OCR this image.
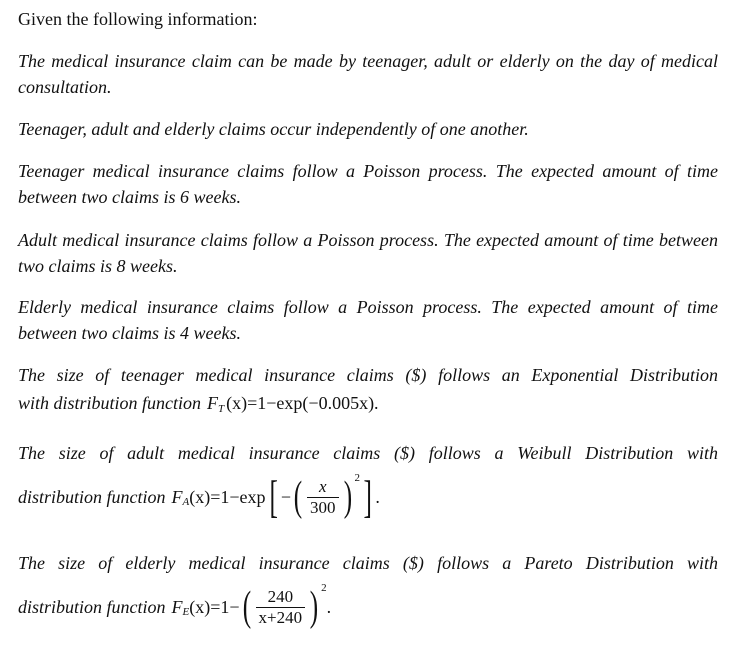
Given the following information:

The medical insurance claim can be made by teenager, adult or elderly on the day of medical consultation.

Teenager, adult and elderly claims occur independently of one another.

Teenager medical insurance claims follow a Poisson process. The expected amount of time between two claims is 6 weeks.

Adult medical insurance claims follow a Poisson process. The expected amount of time between two claims is 8 weeks.

Elderly medical insurance claims follow a Poisson process. The expected amount of time between two claims is 4 weeks.

The size of teenager medical insurance claims ($) follows an Exponential Distribution

with distribution function F T (x)=1−exp(−0.005x).

The size of adult medical insurance claims ($) follows a Weibull Distribution with

distribution function F A (x)=1−exp [ − ( $\frac{x}{300}$ ) 2 ] .

The size of elderly medical insurance claims ($) follows a Pareto Distribution with

distribution function F E (x)=1− ( $\frac{240}{x+240}$ ) 2
.
